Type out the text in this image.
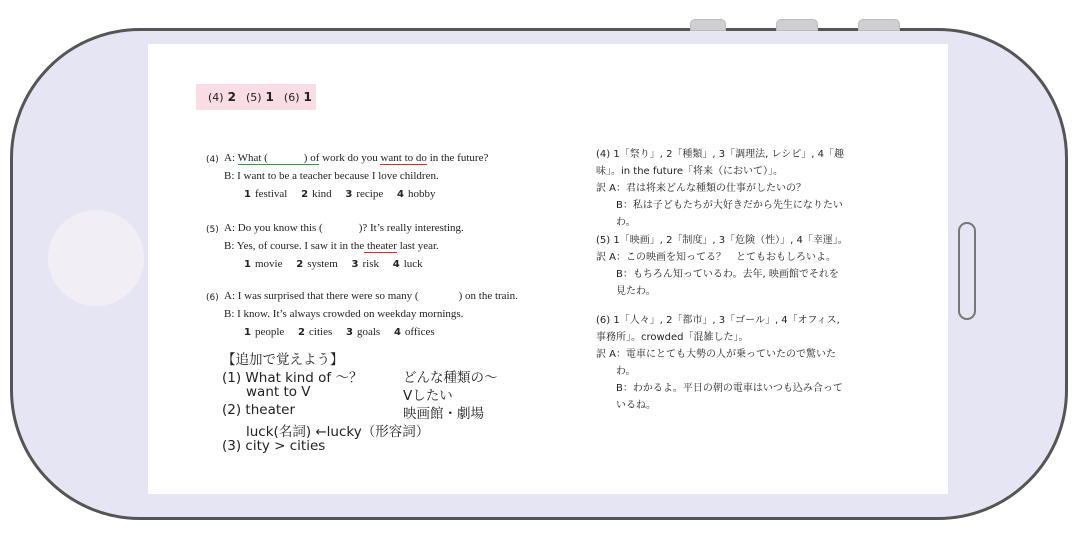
(4) 2 (5) 1 (6) 1
(4) A: What (	) of work do you want to do in the future?
B: I want to be a teacher because I love children.
1 festival 2 kind 3 recipe 4 hobby
(5) A: Do you know this (	)? It’s really interesting.
B: Yes, of course. I saw it in the theater last year.
1 movie 2 system 3 risk 4 luck
(6) A: I was surprised that there were so many (	) on the train.
B: I know. It’s always crowded on weekday mornings.
1 people 2 cities 3 goals 4 offices
【追加で覚えよう】
(1) What kind of ～？	どんな種類の～
want to V	Vしたい
(2) theater	映画館・劇場
luck(名詞) ←lucky（形容詞）
(3) city > cities
(4) 1「祭り」, 2「種類」, 3「調理法, レシピ」, 4「趣
味」。in the future「将来（において）」。
訳 A：君は将来どんな種類の仕事がしたいの？
B：私は子どもたちが大好きだから先生になりたい
わ。
(5) 1「映画」, 2「制度」, 3「危険（性）」, 4「幸運」。
訳 A：この映画を知ってる？　とてもおもしろいよ。
B：もちろん知っているわ。去年, 映画館でそれを
見たわ。
(6) 1「人々」, 2「都市」, 3「ゴール」, 4「オフィス,
事務所」。crowded「混雑した」。
訳 A：電車にとても大勢の人が乗っていたので驚いた
わ。
B：わかるよ。平日の朝の電車はいつも込み合って
いるね。
